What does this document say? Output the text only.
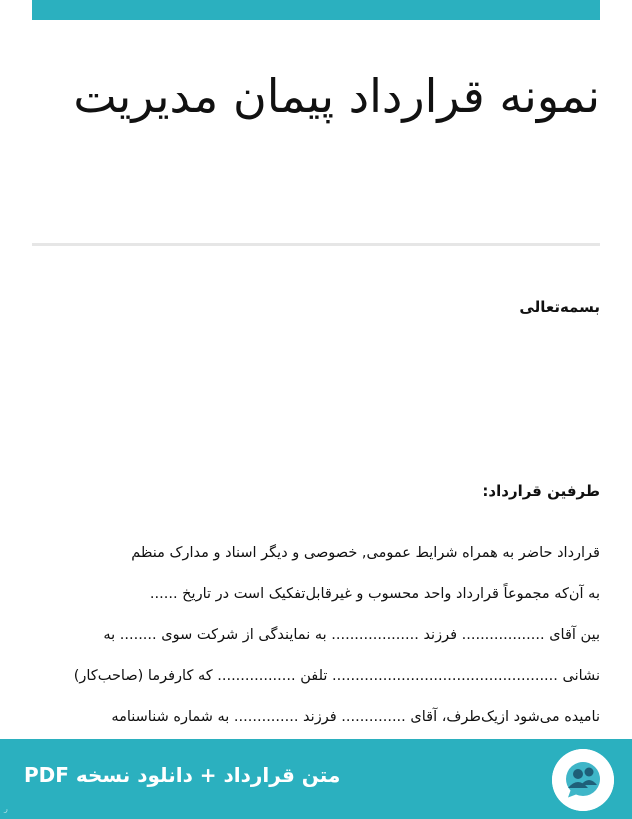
نمونه قرارداد پیمان مدیریت

بسمه‌تعالی

طرفین قرارداد:

قرارداد حاضر به همراه شرایط عمومی, خصوصی و دیگر اسناد و مدارک منظم
به آن‌که مجموعاً قرارداد واحد محسوب و غیرقابل‌تفکیک است در تاریخ ......
بین آقای .................. فرزند ................... به نمایندگی از شرکت سوی ........ به
نشانی ................................................. تلفن ................. که کارفرما (صاحب‌کار)
نامیده می‌شود ازیک‌طرف، آقای .............. فرزند .............. به شماره شناسنامه
متن قرارداد + دانلود نسخه PDF
ر
